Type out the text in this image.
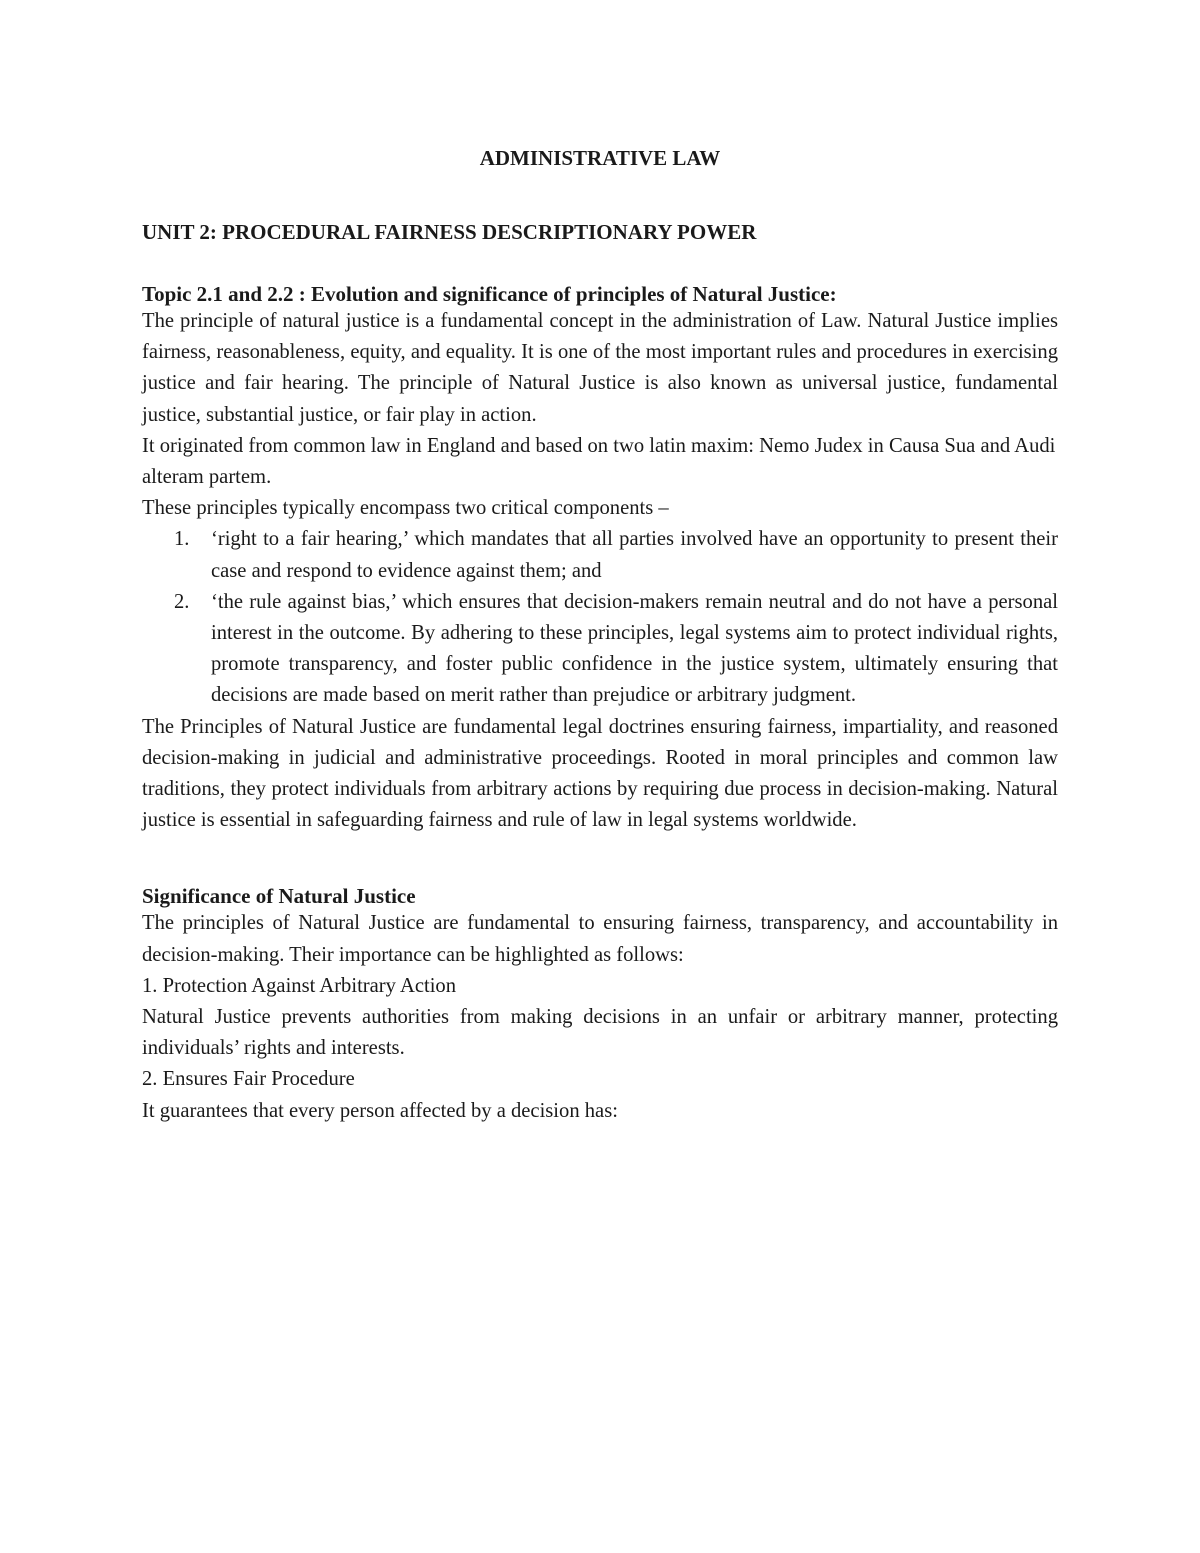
ADMINISTRATIVE LAW
UNIT 2: PROCEDURAL FAIRNESS DESCRIPTIONARY POWER
Topic 2.1 and 2.2 : Evolution and significance of principles of Natural Justice:

The principle of natural justice is a fundamental concept in the administration of Law. Natural Justice implies fairness, reasonableness, equity, and equality. It is one of the most important rules and procedures in exercising justice and fair hearing. The principle of Natural Justice is also known as universal justice, fundamental justice, substantial justice, or fair play in action.

It originated from common law in England and based on two latin maxim: Nemo Judex in Causa Sua and Audi alteram partem.

These principles typically encompass two critical components –

1. ‘right to a fair hearing,’ which mandates that all parties involved have an opportunity to present their case and respond to evidence against them; and
2. ‘the rule against bias,’ which ensures that decision-makers remain neutral and do not have a personal interest in the outcome. By adhering to these principles, legal systems aim to protect individual rights, promote transparency, and foster public confidence in the justice system, ultimately ensuring that decisions are made based on merit rather than prejudice or arbitrary judgment.

The Principles of Natural Justice are fundamental legal doctrines ensuring fairness, impartiality, and reasoned decision-making in judicial and administrative proceedings. Rooted in moral principles and common law traditions, they protect individuals from arbitrary actions by requiring due process in decision-making. Natural justice is essential in safeguarding fairness and rule of law in legal systems worldwide.

Significance of Natural Justice

The principles of Natural Justice are fundamental to ensuring fairness, transparency, and accountability in decision-making. Their importance can be highlighted as follows:

1. Protection Against Arbitrary Action

Natural Justice prevents authorities from making decisions in an unfair or arbitrary manner, protecting individuals’ rights and interests.

2. Ensures Fair Procedure

It guarantees that every person affected by a decision has:
